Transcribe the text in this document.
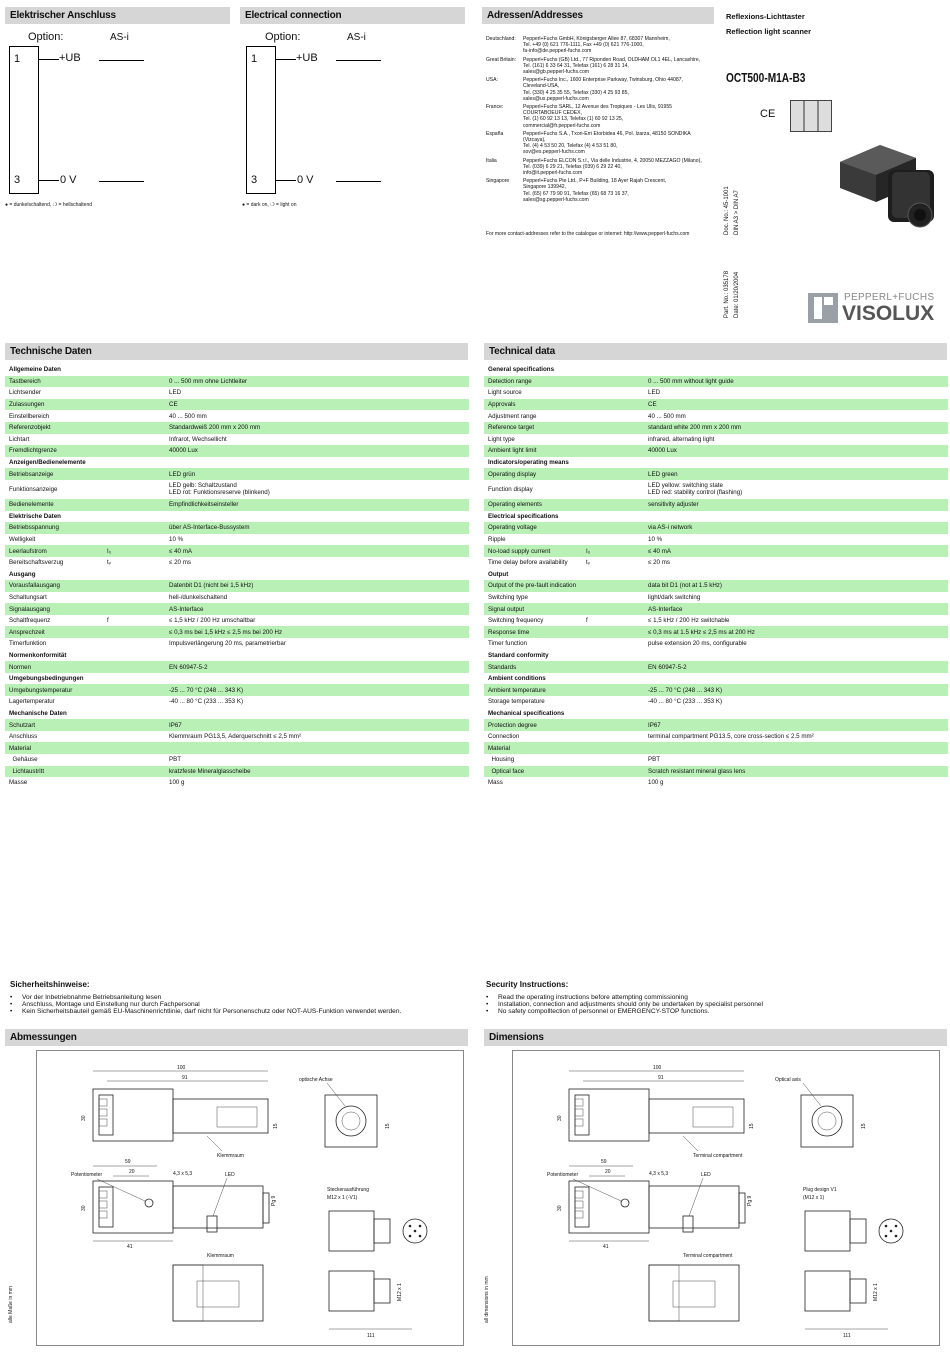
Elektrischer Anschluss	Electrical connection	Adressen/Addresses
Option:	AS-i
1
3
+UB
0 V
● = dunkelschaltend, ❍ = hellschaltend
Option:	AS-i
1
3
+UB
0 V
● = dark on, ❍ = light on
Deutschland:	Pepperl+Fuchs GmbH, Königsberger Allee 87, 68307 Mannheim,
Tel. +49 (0) 621 776-1111, Fax +49 (0) 621 776-1000,
fa-info@de.pepperl-fuchs.com
Great Britain:	Pepperl+Fuchs (GB) Ltd., 77 Riponden Road, OLDHAM OL1 4EL, Lancashire,
Tel. (161) 6 33 64 31, Telefax (161) 6 28 31 14,
sales@gb.pepperl-fuchs.com
USA:	Pepperl+Fuchs Inc., 1600 Enterprise Parkway, Twinsburg, Ohio 44087,
Cleveland-USA,
Tel. (330) 4 25 35 55, Telefax (330) 4 25 93 85,
sales@us.pepperl-fuchs.com
France:	Pepperl+Fuchs SARL, 12 Avenue des Tropiques - Les Ulis, 91955
COURTABOEUF CEDEX,
Tel. (1) 60 92 13 13, Telefax (1) 60 92 13 25,
commercial@fr.pepperl-fuchs.com
España	Pepperl+Fuchs S.A., Txori-Erri Etorbidea 46, Pol. Izarza, 48150 SONDIKA
(Vizcaya),
Tel. (4) 4 53 50 20, Telefax (4) 4 53 51 80,
sov@es.pepperl-fuchs.com
Italia	Pepperl+Fuchs ELCON S.r.l., Via delle Industrie, 4, 20050 MEZZAGO (Milano),
Tel. (039) 6 29 21, Telefax (039) 6 29 22 40,
info@it.pepperl-fuchs.com
Singapore	Pepperl+Fuchs Pte Ltd., P+F Building, 18 Ayer Rajah Crescent,
Singapore 139942,
Tel. (65) 67 79 90 91, Telefax (65) 68 73 16 37,
sales@sg.pepperl-fuchs.com
For more contact-addresses refer to the catalogue or internet: http://www.pepperl-fuchs.com
Reflexions-Lichttaster
Reflection light scanner
OCT500-M1A-B3
CE
Doc. No.: 45-1001 DIN A3 > DIN A7
Part. No.: 035178 Date: 01/20/2004	PEPPERL+FUCHS
VISOLUX
Technische Daten	Technical data
Allgemeine Daten
Tastbereich	0 ... 500 mm ohne Lichtleiter
Lichtsender	LED
Zulassungen	CE
Einstellbereich	40 ... 500 mm
Referenzobjekt	Standardweiß 200 mm x 200 mm
Lichtart	Infrarot, Wechsellicht
Fremdlichtgrenze	40000 Lux
Anzeigen/Bedienelemente
Betriebsanzeige	LED grün
Funktionsanzeige	LED gelb: Schaltzustand
LED rot: Funktionsreserve (blinkend)
Bedienelemente	Empfindlichkeitseinsteller
Elektrische Daten
Betriebsspannung	über AS-Interface-Bussystem
Welligkeit	10 %
Leerlaufstrom	I₀	≤ 40 mA
Bereitschaftsverzug	tᵥ	≤ 20 ms
Ausgang
Vorausfallausgang	Datenbit D1 (nicht bei 1,5 kHz)
Schaltungsart	hell-/dunkelschaltend
Signalausgang	AS-Interface
Schaltfrequenz	f	≤ 1,5 kHz / 200 Hz umschaltbar
Ansprechzeit	≤ 0,3 ms bei 1,5 kHz ≤ 2,5 ms bei 200 Hz
Timerfunktion	Impulsverlängerung 20 ms, parametrierbar
Normenkonformität
Normen	EN 60947-5-2
Umgebungsbedingungen
Umgebungstemperatur	-25 ... 70 °C (248 ... 343 K)
Lagertemperatur	-40 ... 80 °C (233 ... 353 K)
Mechanische Daten
Schutzart	IP67
Anschluss	Klemmraum PG13,5, Aderquerschnitt ≤ 2,5 mm²
Material
Gehäuse	PBT
Lichtaustritt	kratzfeste Mineralglasscheibe
Masse	100 g
General specifications
Detection range	0 ... 500 mm without light guide
Light source	LED
Approvals	CE
Adjustment range	40 ... 500 mm
Reference target	standard white 200 mm x 200 mm
Light type	infrared, alternating light
Ambient light limit	40000 Lux
Indicators/operating means
Operating display	LED green
Function display	LED yellow: switching state
LED red: stability control (flashing)
Operating elements	sensitivity adjuster
Electrical specifications
Operating voltage	via AS-i network
Ripple	10 %
No-load supply current	I₀	≤ 40 mA
Time delay before availability	tᵥ	≤ 20 ms
Output
Output of the pre-fault indication	data bit D1 (not at 1.5 kHz)
Switching type	light/dark switching
Signal output	AS-Interface
Switching frequency	f	≤ 1,5 kHz / 200 Hz switchable
Response time	≤ 0,3 ms at 1.5 kHz ≤ 2,5 ms at 200 Hz
Timer function	pulse extension 20 ms, configurable
Standard conformity
Standards	EN 60947-5-2
Ambient conditions
Ambient temperature	-25 ... 70 °C (248 ... 343 K)
Storage temperature	-40 ... 80 °C (233 ... 353 K)
Mechanical specifications
Protection degree	IP67
Connection	terminal compartment PG13.5, core cross-section ≤ 2.5 mm²
Material
Housing	PBT
Optical face	Scratch resistant mineral glass lens
Mass	100 g
Sicherheitshinweise:
• Vor der Inbetriebnahme Betriebsanleitung lesen
• Anschluss, Montage und Einstellung nur durch Fachpersonal
• Kein Sicherheitsbauteil gemäß EU-Maschinenrichtlinie, darf nicht für Personenschutz oder NOT-AUS-Funktion verwendet werden.
Security Instructions:
• Read the operating instructions before attempting commissioning
• Installation, connection and adjustments should only be undertaken by specialist personnel
• No safety compolltection of personnel or EMERGENCY-STOP functions.
Abmessungen	Dimensions
100
91
30
15
Klemmraum
optische Achse
15
59
20	4,3 x 5,3
Potentiometer	LED
30
41
Pg 9
Klemmraum
Steckerausführung
M12 x 1 (-V1)
M12 x 1
111
100
91
30
15
Terminal compartment
Optical axis
15
59
20	4,3 x 5,3
Potentiometer	LED
30
41
Pg 9
Terminal compartment
Plug design V1
(M12 x 1)
M12 x 1
111
alle Maße in mm	all dimensions in mm
